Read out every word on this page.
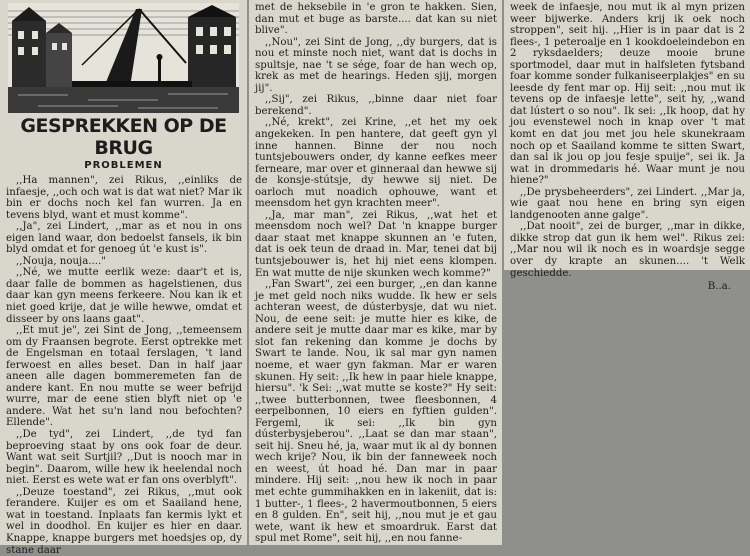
GESPREKKEN OP DE BRUG
PROBLEMEN

,,Ha mannen", zei Rikus, ,,einliks de infaesje, ,,och och wat is dat wat niet? Mar ik bin er dochs noch kel fan wurren. Ja en tevens blyd, want et must komme".

,,Ja", zei Lindert, ,,mar as et nou in ons eigen land waar, don bedoelst fansels, ik bin blyd omdat et for genoeg út 'e kust is".

,,Nouja, nouja...."

,,Né, we mutte eerlik weze: daar't et is, daar falle de bommen as hagelstienen, dus daar kan gyn meens ferkeere. Nou kan ik et niet goed krije, dat je wille hewwe, omdat et disseer by ons laans gaat".

,,Et mut je", zei Sint de Jong, ,,temeensem om dy Fraansen begrote. Eerst optrekke met de Engelsman en totaal ferslagen, 't land ferwoest en alles beset. Dan in half jaar aneen alle dagen bommeremeten fan de andere kant. En nou mutte se weer befrijd wurre, mar de eene stien blyft niet op 'e andere. Wat het su'n land nou befochten? Ellende".

,,De tyd", zei Lindert, ,,de tyd fan beproeving staat by ons ook foar de deur. Want wat seit Surtjil? ,,Dut is nooch mar in begin". Daarom, wille hew ik heelendal noch niet. Eerst es wete wat er fan ons overblyft".

,,Deuze toestand", zei Rikus, ,,mut ook ferandere. Kuijer es om et Saailand hene, wat in toestand. Inplaats fan kermis lykt et wel in doodhol. En kuijer es hier en daar. Knappe, knappe burgers met hoedsjes op, dy stane daar

met de heksebile in 'e gron te hakken. Sien, dan mut et buge as barste.... dat kan su niet blive".

,,Nou", zei Sint de Jong, ,,dy burgers, dat is nou et minste noch niet, want dat is dochs in spultsje, nae 't se sége, foar de han wech op, krek as met de hearings. Heden sjij, morgen jij".

,,Sij", zei Rikus, ,,binne daar niet foar berekend".

,,Né, krekt", zei Krine, ,,et het my oek angekeken. In pen hantere, dat geeft gyn yl inne hannen. Binne der nou noch tuntsjebouwers onder, dy kanne eefkes meer ferneare, mar over et ginneraal dan hewwe sij de konsje-stútsje, dy hewwe sij niet. De oarloch mut noadich ophouwe, want et meensdom het gyn krachten meer".

,,Ja, mar man", zei Rikus, ,,wat het et meensdom noch wel? Dat 'n knappe burger daar staat met knappe skunnen an 'e futen, dat is oek teun de draad in. Mar, tenei dat bij tuntsjebouwer is, het hij niet eens klompen. En wat mutte de nije skunken wech komme?"

,,Fan Swart", zei een burger, ,,en dan kanne je met geld noch niks wudde. Ik hew er sels achteran weest, de dústerbysje, dat wu niet. Nou, de eene seit: je mutte hier es kike, de andere seit je mutte daar mar es kike, mar by slot fan rekening dan komme je dochs by Swart te lande. Nou, ik sal mar gyn namen noeme, et waer gyn fakman. Mar er waren skunen. Hy seit: ,,Ik hew in paar hiele knappe, hiersu". 'k Sei: ,,wat mutte se koste?" Hy seit: ,,twee butterbonnen, twee fleesbonnen, 4 eerpelbonnen, 10 eiers en fyftien gulden". Fergeml, ik sei: ,,Ik bin gyn dústerbysjeberou". ,,Laat se dan mar staan", seit hij. Sneu hé, ja, waar mut ik al dy bonnen wech krije? Nou, ik bin der fanneweek noch en weest, út hoad hé. Dan mar in paar mindere. Hij seit: ,,nou hew ik noch in paar met echte gummihakken en in lakeniit, dat is: 1 butter-, 1 flees-, 2 havermoutbonnen, 5 eiers en 8 gulden. En", seit hij, ,,nou mut je et gau wete, want ik hew et smoardruk. Earst dat spul met Rome", seit hij, ,,en nou fanne-

week de infaesje, nou mut ik al myn prizen weer bijwerke. Anders krij ik oek noch stroppen", seit hij. ,,Hier is in paar dat is 2 flees-, 1 peteroalje en 1 kookdoeleindebon en 2 ryksdaelders; deuze mooie brune sportmodel, daar mut in halfsleten fytsband foar komme sonder fulkaniseerplakjes" en su leesde dy fent mar op. Hij seit: ,,nou mut ik tevens op de infaesje lette", seit hy, ,,wand dat lústert o so nou". Ik sei: ,,Ik hoop, dat hy jou evenstewel noch in knap over 't mat komt en dat jou met jou hele skunekraam noch op et Saailand komme te sitten Swart, dan sal ik jou op jou fesje spuije", sei ik. Ja wat in drommedaris hé. Waar munt je nou hiene?"

,,De prysbeheerders", zei Lindert. ,,Mar ja, wie gaat nou hene en bring syn eigen landgenooten anne galge".

,,Dat nooit", zei de burger, ,,mar in dikke, dikke strop dat gun ik hem wel". Rikus zei: ,,Mar nou wil ik noch es in woardsje segge over dy krapte an skunen.... 't Welk geschiedde.

B..a.
